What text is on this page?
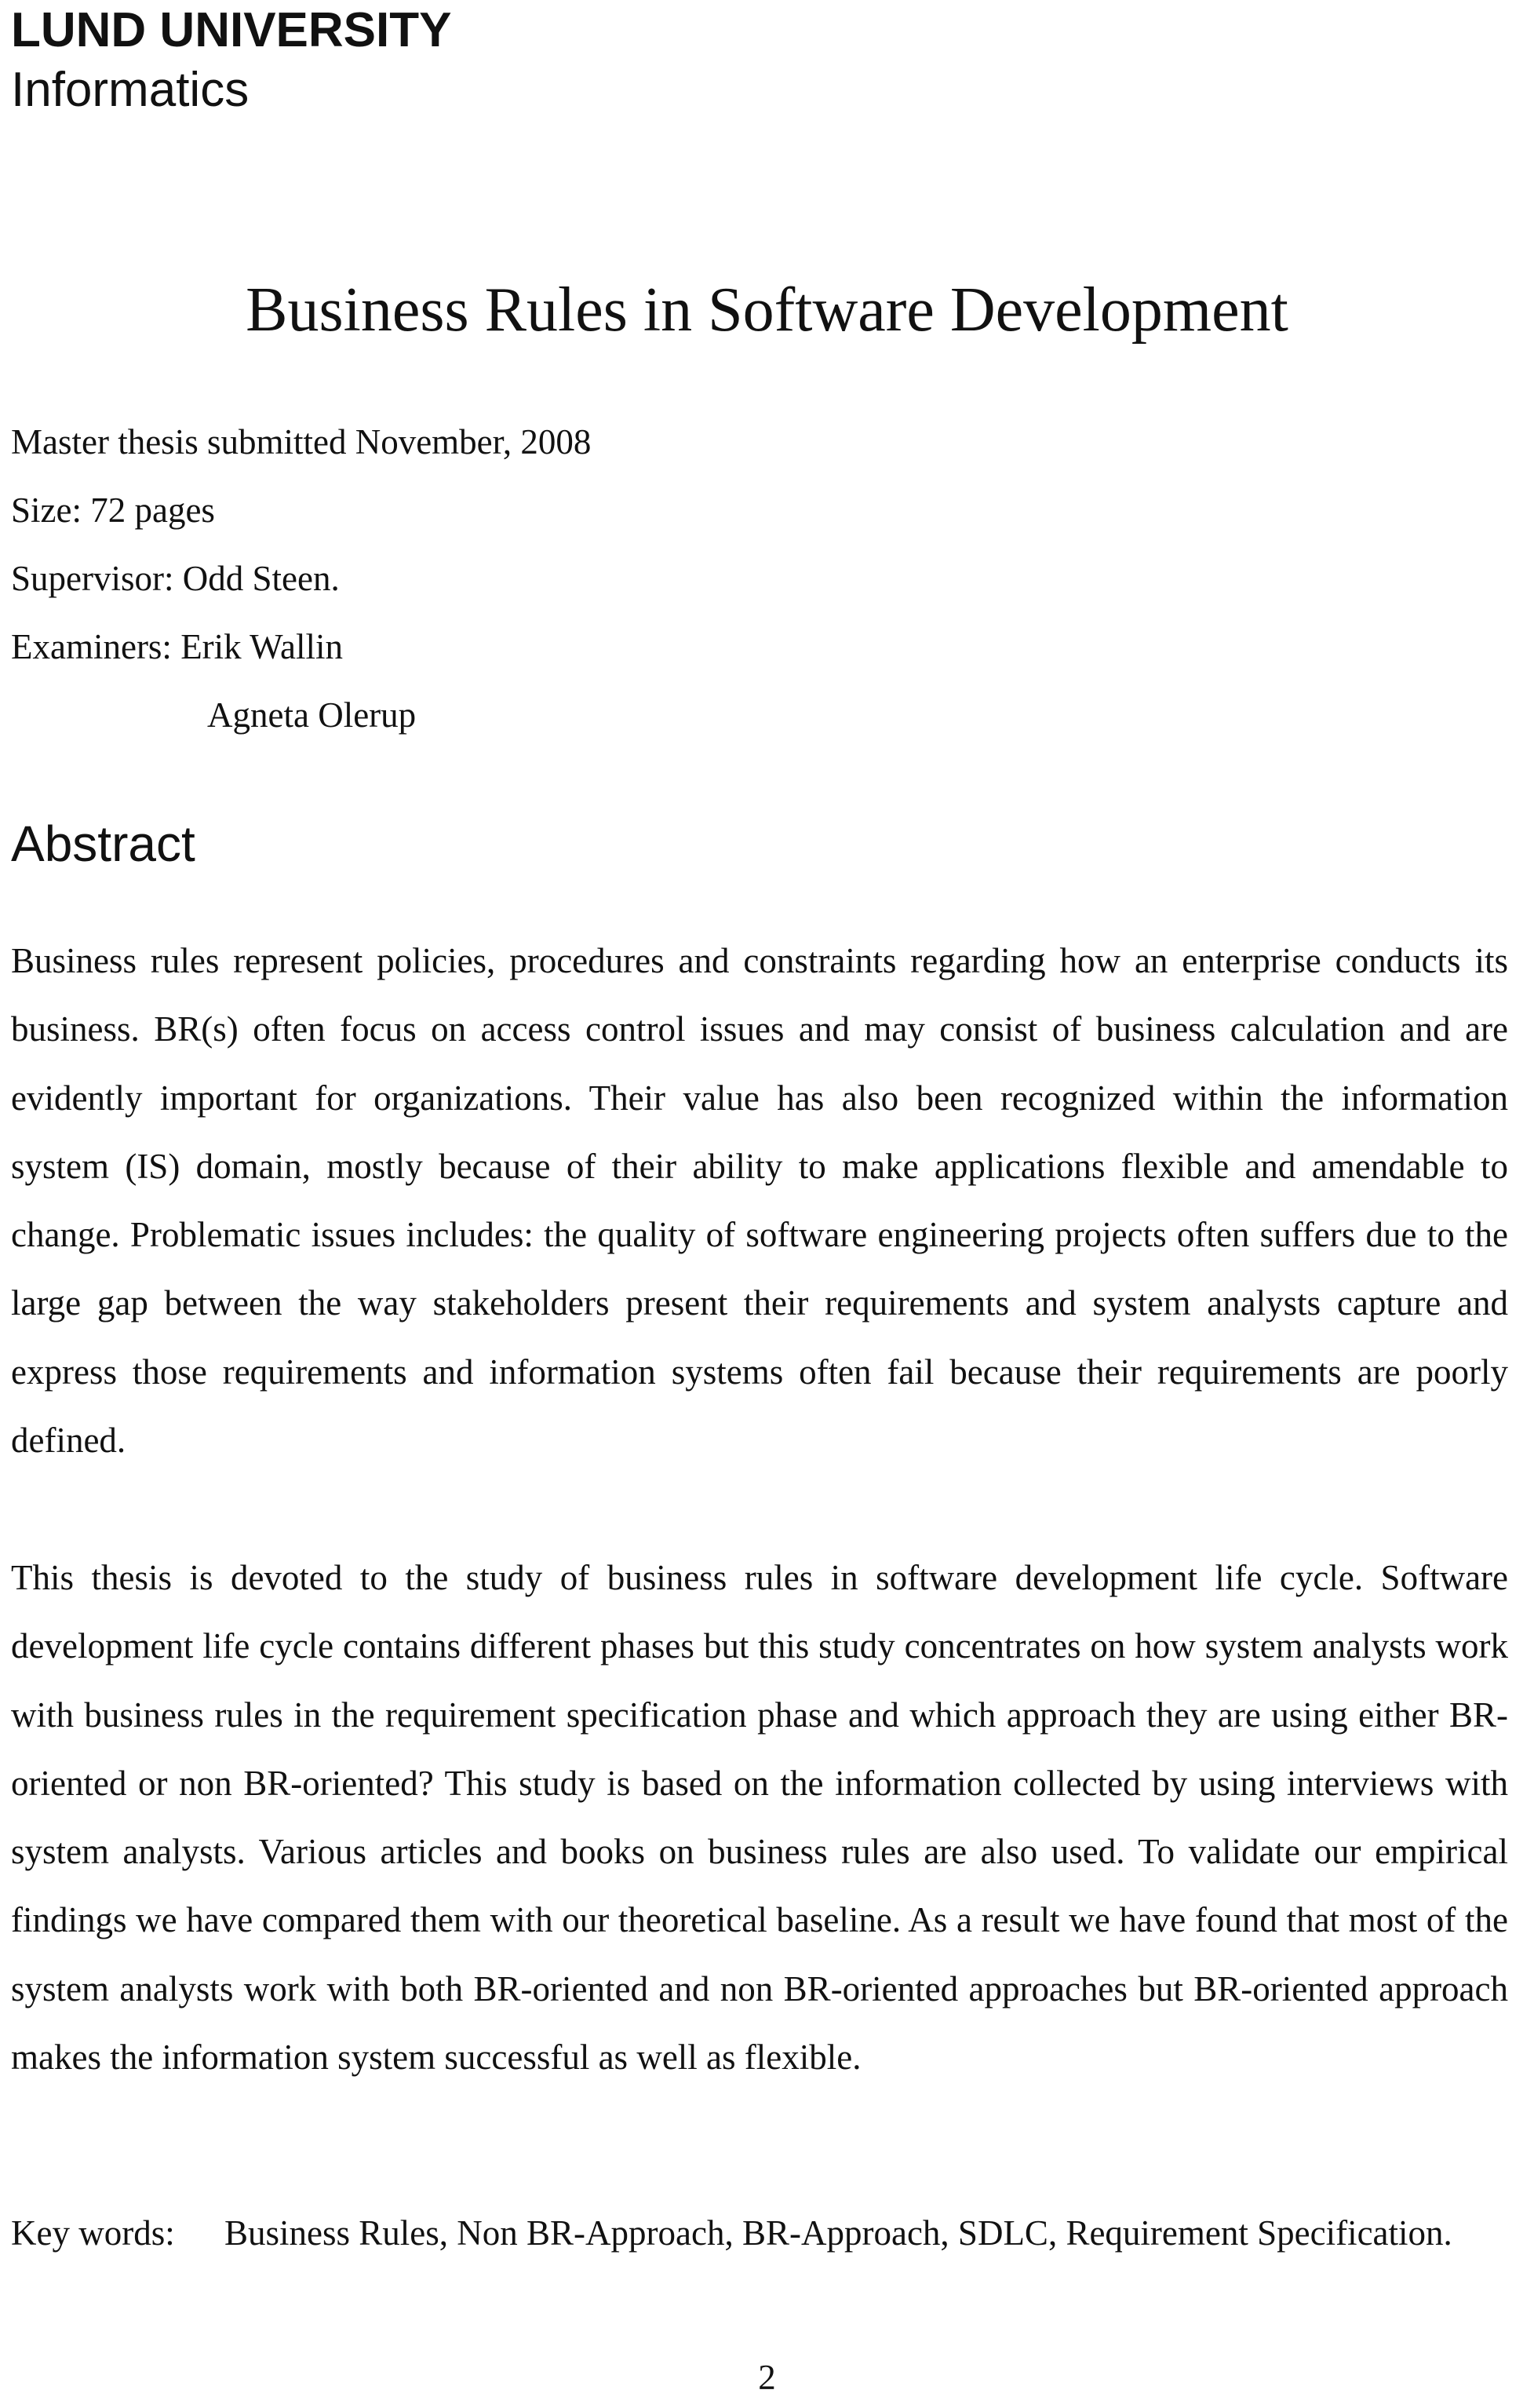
LUND UNIVERSITY
Informatics
Business Rules in Software Development
Master thesis submitted November, 2008
Size: 72 pages
Supervisor: Odd Steen.
Examiners: Erik Wallin
Agneta Olerup
Abstract

Business rules represent policies, procedures and constraints regarding how an enterprise conducts its business. BR(s) often focus on access control issues and may consist of business calculation and are evidently important for organizations. Their value has also been recognized within the information system (IS) domain, mostly because of their ability to make applications flexible and amendable to change. Problematic issues includes: the quality of software engineering projects often suffers due to the large gap between the way stakeholders present their requirements and system analysts capture and express those requirements and information systems often fail because their requirements are poorly defined.

This thesis is devoted to the study of business rules in software development life cycle. Software development life cycle contains different phases but this study concentrates on how system analysts work with business rules in the requirement specification phase and which approach they are using either BR-oriented or non BR-oriented? This study is based on the information collected by using interviews with system analysts. Various articles and books on business rules are also used. To validate our empirical findings we have compared them with our theoretical baseline. As a result we have found that most of the system analysts work with both BR-oriented and non BR-oriented approaches but BR-oriented approach makes the information system successful as well as flexible.

Key words: Business Rules, Non BR-Approach, BR-Approach, SDLC, Requirement Specification.

2
